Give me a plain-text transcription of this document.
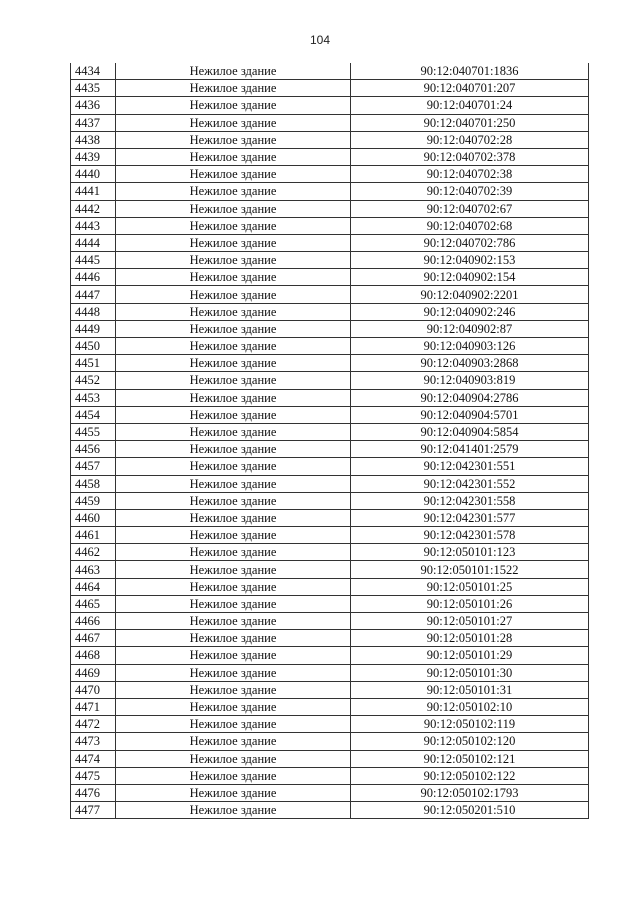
104
4434	Нежилое здание	90:12:040701:1836
4435	Нежилое здание	90:12:040701:207
4436	Нежилое здание	90:12:040701:24
4437	Нежилое здание	90:12:040701:250
4438	Нежилое здание	90:12:040702:28
4439	Нежилое здание	90:12:040702:378
4440	Нежилое здание	90:12:040702:38
4441	Нежилое здание	90:12:040702:39
4442	Нежилое здание	90:12:040702:67
4443	Нежилое здание	90:12:040702:68
4444	Нежилое здание	90:12:040702:786
4445	Нежилое здание	90:12:040902:153
4446	Нежилое здание	90:12:040902:154
4447	Нежилое здание	90:12:040902:2201
4448	Нежилое здание	90:12:040902:246
4449	Нежилое здание	90:12:040902:87
4450	Нежилое здание	90:12:040903:126
4451	Нежилое здание	90:12:040903:2868
4452	Нежилое здание	90:12:040903:819
4453	Нежилое здание	90:12:040904:2786
4454	Нежилое здание	90:12:040904:5701
4455	Нежилое здание	90:12:040904:5854
4456	Нежилое здание	90:12:041401:2579
4457	Нежилое здание	90:12:042301:551
4458	Нежилое здание	90:12:042301:552
4459	Нежилое здание	90:12:042301:558
4460	Нежилое здание	90:12:042301:577
4461	Нежилое здание	90:12:042301:578
4462	Нежилое здание	90:12:050101:123
4463	Нежилое здание	90:12:050101:1522
4464	Нежилое здание	90:12:050101:25
4465	Нежилое здание	90:12:050101:26
4466	Нежилое здание	90:12:050101:27
4467	Нежилое здание	90:12:050101:28
4468	Нежилое здание	90:12:050101:29
4469	Нежилое здание	90:12:050101:30
4470	Нежилое здание	90:12:050101:31
4471	Нежилое здание	90:12:050102:10
4472	Нежилое здание	90:12:050102:119
4473	Нежилое здание	90:12:050102:120
4474	Нежилое здание	90:12:050102:121
4475	Нежилое здание	90:12:050102:122
4476	Нежилое здание	90:12:050102:1793
4477	Нежилое здание	90:12:050201:510
